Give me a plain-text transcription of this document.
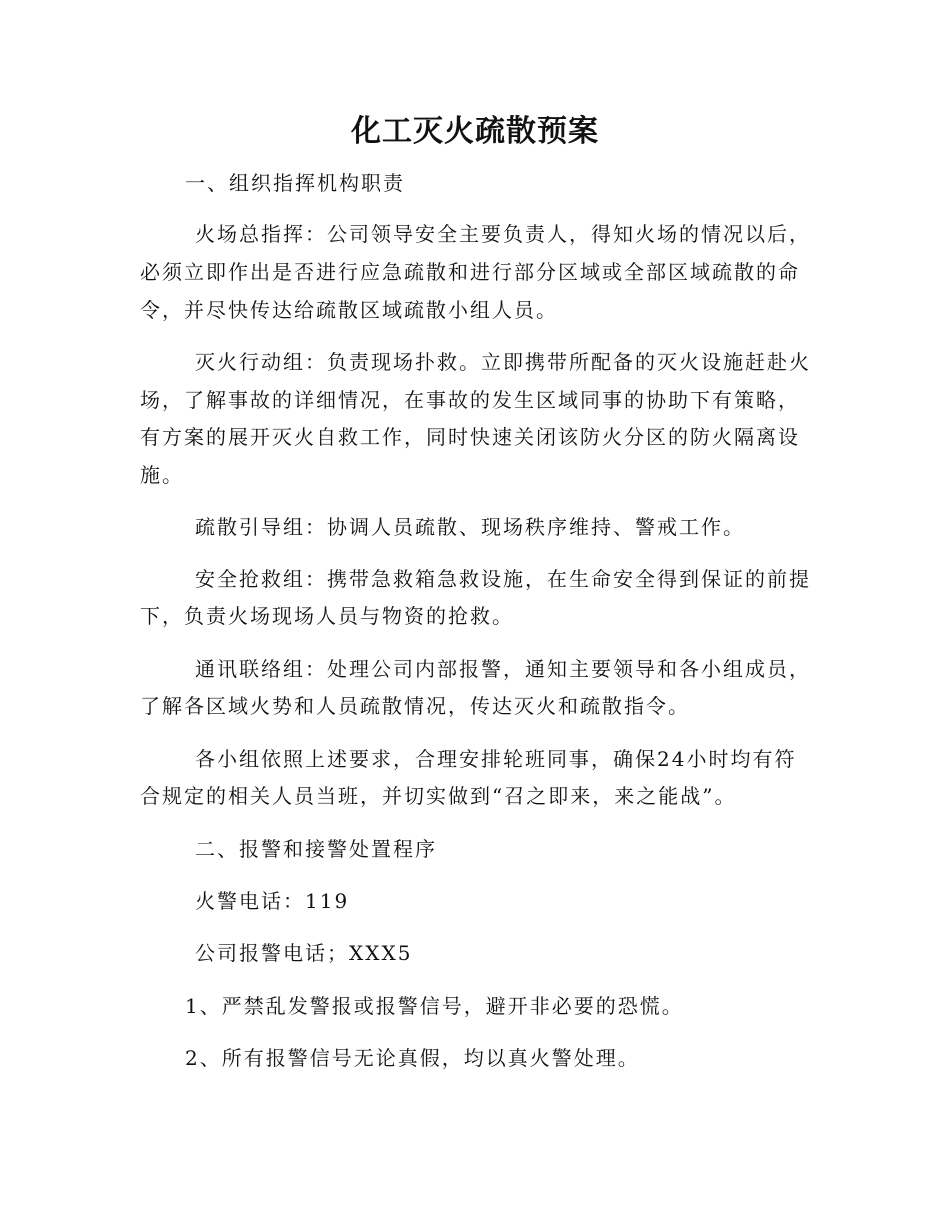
化工灭火疏散预案

一、组织指挥机构职责

火场总指挥：公司领导安全主要负责人，得知火场的情况以后，

必须立即作出是否进行应急疏散和进行部分区域或全部区域疏散的命

令，并尽快传达给疏散区域疏散小组人员。

灭火行动组：负责现场扑救。立即携带所配备的灭火设施赶赴火

场，了解事故的详细情况，在事故的发生区域同事的协助下有策略，

有方案的展开灭火自救工作，同时快速关闭该防火分区的防火隔离设

施。

疏散引导组：协调人员疏散、现场秩序维持、警戒工作。

安全抢救组：携带急救箱急救设施，在生命安全得到保证的前提

下，负责火场现场人员与物资的抢救。

通讯联络组：处理公司内部报警，通知主要领导和各小组成员，

了解各区域火势和人员疏散情况，传达灭火和疏散指令。

各小组依照上述要求，合理安排轮班同事，确保24小时均有符

合规定的相关人员当班，并切实做到“召之即来，来之能战”。

二、报警和接警处置程序

火警电话：119

公司报警电话；XXX5

1、严禁乱发警报或报警信号，避开非必要的恐慌。

2、所有报警信号无论真假，均以真火警处理。
